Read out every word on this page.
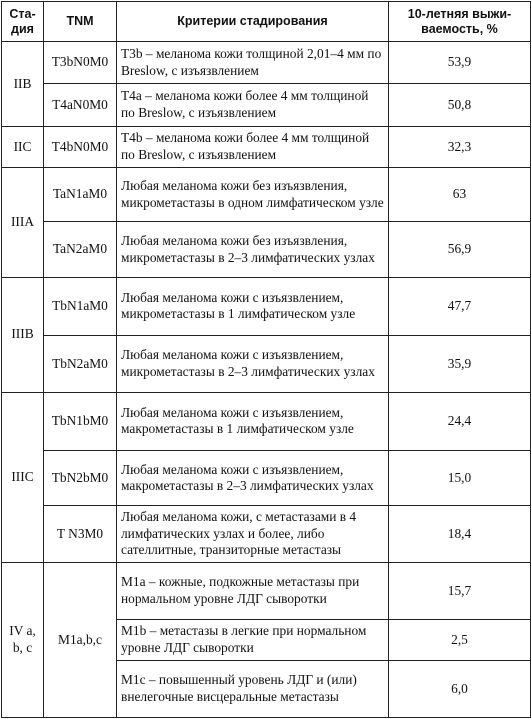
Ста-дия	TNM	Критерии стадирования	10-летняя выжи-ваемость, %
IIB	T3bN0M0	T3b – меланома кожи толщиной 2,01–4 мм по Breslow, с изъязвлением	53,9
	T4aN0M0	T4a – меланома кожи более 4 мм толщиной по Breslow, с изъязвлением	50,8
IIC	T4bN0M0	T4b – меланома кожи более 4 мм толщиной по Breslow, с изъязвлением	32,3
IIIA	TaN1aM0	Любая меланома кожи без изъязвления, микрометастазы в одном лимфатическом узле	63
	TaN2aM0	Любая меланома кожи без изъязвления, микрометастазы в 2–3 лимфатических узлах	56,9
IIIB	TbN1aM0	Любая меланома кожи с изъязвлением, микрометастазы в 1 лимфатическом узле	47,7
	TbN2aM0	Любая меланома кожи с изъязвлением, микрометастазы в 2–3 лимфатических узлах	35,9
IIIC	TbN1bM0	Любая меланома кожи с изъязвлением, макрометастазы в 1 лимфатическом узле	24,4
	TbN2bM0	Любая меланома кожи с изъязвлением, макрометастазы в 2–3 лимфатических узлах	15,0
	T N3M0	Любая меланома кожи, с метастазами в 4 лимфатических узлах и более, либо сателлитные, транзиторные метастазы	18,4
IV a, b, c	M1a,b,c	M1a – кожные, подкожные метастазы при нормальном уровне ЛДГ сыворотки	15,7
		M1b – метастазы в легкие при нормальном уровне ЛДГ сыворотки	2,5
		M1c – повышенный уровень ЛДГ и (или) внелегочные висцеральные метастазы	6,0
